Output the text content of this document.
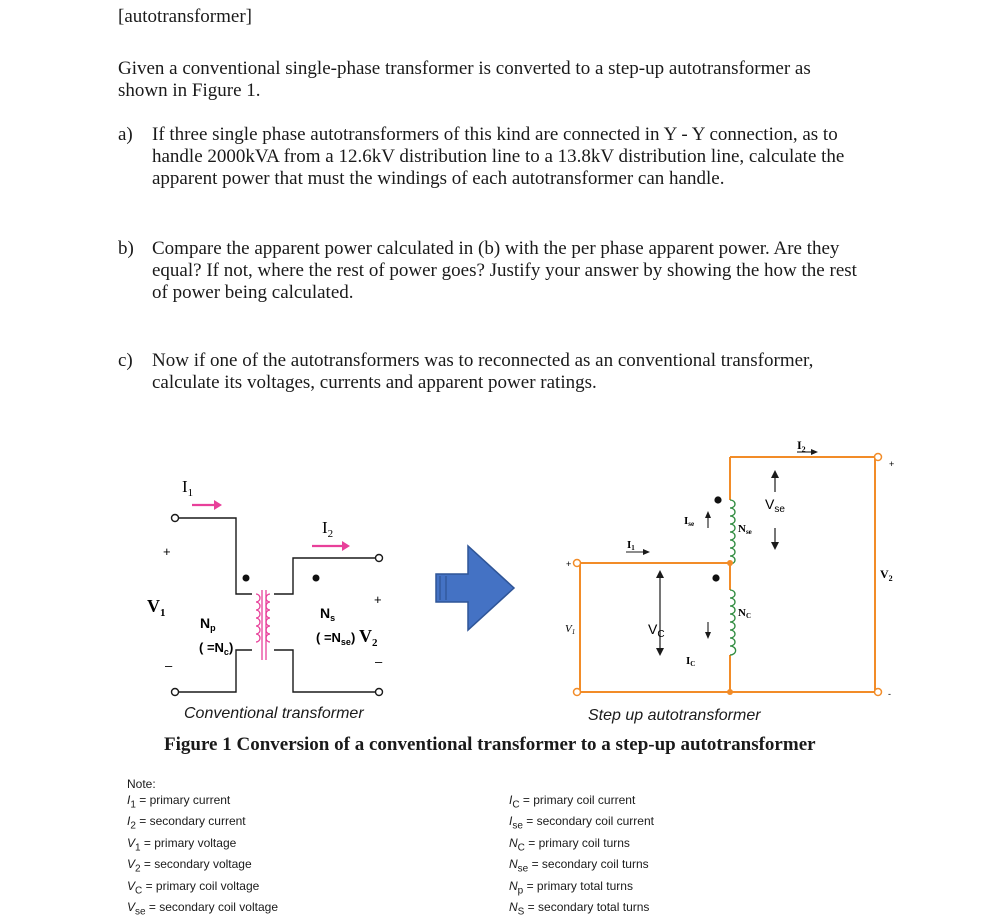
[autotransformer]
Given a conventional single-phase transformer is converted to a step-up autotransformer as
shown in Figure 1.
a) If three single phase autotransformers of this kind are connected in Y - Y connection, as to
handle 2000kVA from a 12.6kV distribution line to a 13.8kV distribution line, calculate the
apparent power that must the windings of each autotransformer can handle.
b) Compare the apparent power calculated in (b) with the per phase apparent power. Are they
equal? If not, where the rest of power goes? Justify your answer by showing the how the rest
of power being calculated.
c) Now if one of the autotransformers was to reconnected as an conventional transformer,
calculate its voltages, currents and apparent power ratings.
$I_1$
$I_2$
$V_1$
$V_2$
+
–
+
–
$N_p$
( $=N_c$)
$N_s$
( $=N_{se}$)
$I_2$
$V_{se}$
Ise	Nse
I1
V1	$V_C$
NC
IC
$V_2$
+
+
-
Conventional transformer	Step up autotransformer
Figure 1 Conversion of a conventional transformer to a step-up autotransformer
Note:
$I_1$ = primary current
$I_2$ = secondary current
$V_1$ = primary voltage
$V_2$ = secondary voltage
$V_C$ = primary coil voltage
$V_{se}$ = secondary coil voltage
$I_C$ = primary coil current
$I_{se}$ = secondary coil current
$N_C$ = primary coil turns
$N_{se}$ = secondary coil turns
$N_p$ = primary total turns
$N_S$ = secondary total turns
